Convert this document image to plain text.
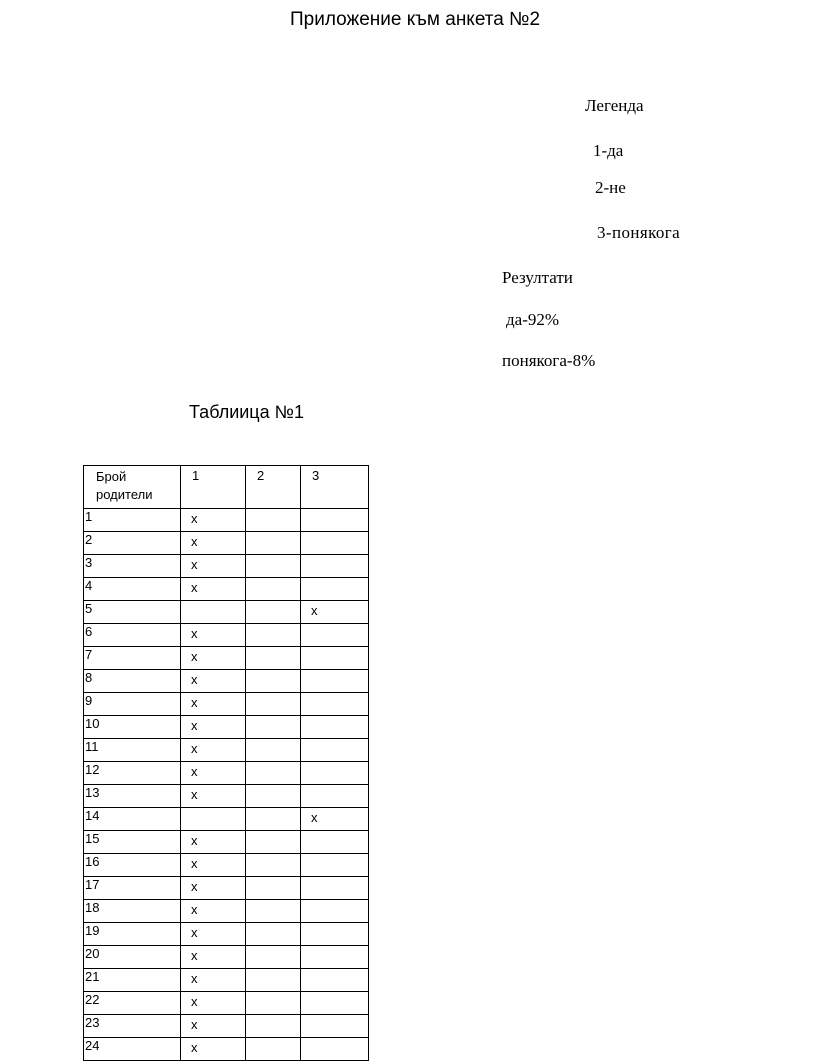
Приложение към анкета №2
Легенда
1-да
2-не
3-понякога
Резултати
да-92%
понякога-8%
Таблиица №1
Брой родители	1	2	3
1	x		
2	x		
3	x		
4	x		
5			x
6	x		
7	x		
8	x		
9	x		
10	x		
11	x		
12	x		
13	x		
14			x
15	x		
16	x		
17	x		
18	x		
19	x		
20	x		
21	x		
22	x		
23	x		
24	x		
